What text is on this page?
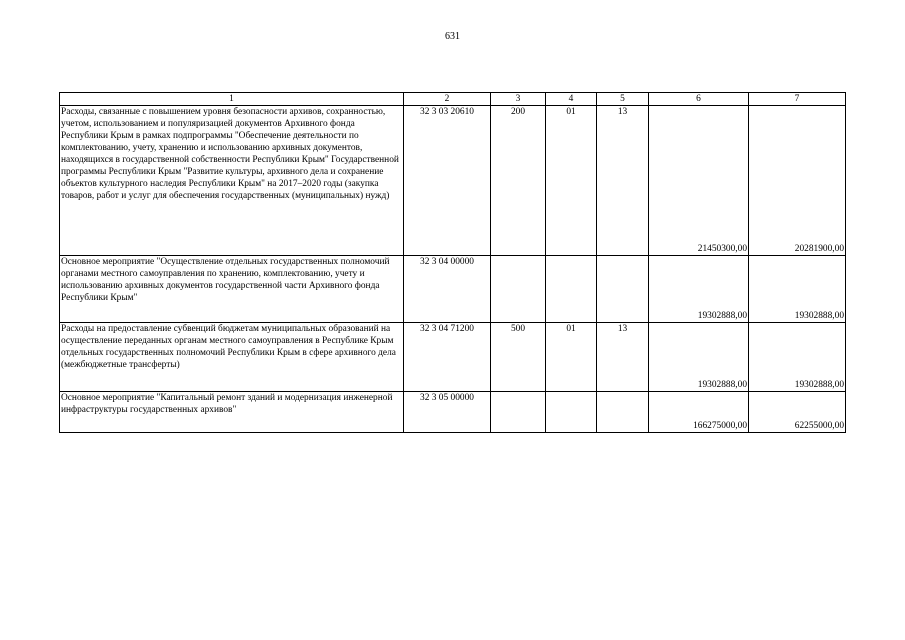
631
1	2	3	4	5	6	7
Расходы, связанные с повышением уровня безопасности архивов, сохранностью, учетом, использованием и популяризацией документов Архивного фонда Республики Крым в рамках подпрограммы "Обеспечение деятельности по комплектованию, учету, хранению и использованию архивных документов, находящихся в государственной собственности Республики Крым" Государственной программы Республики Крым "Развитие культуры, архивного дела и сохранение объектов культурного наследия Республики Крым" на 2017–2020 годы (закупка товаров, работ и услуг для обеспечения государственных (муниципальных) нужд)	32 3 03 20610	200	01	13	21450300,00	20281900,00
Основное мероприятие "Осуществление отдельных государственных полномочий органами местного самоуправления по хранению, комплектованию, учету и использованию архивных документов государственной части Архивного фонда Республики Крым"	32 3 04 00000				19302888,00	19302888,00
Расходы на предоставление субвенций бюджетам муниципальных образований на осуществление переданных органам местного самоуправления в Республике Крым отдельных государственных полномочий Республики Крым в сфере архивного дела (межбюджетные трансферты)	32 3 04 71200	500	01	13	19302888,00	19302888,00
Основное мероприятие "Капитальный ремонт зданий и модернизация инженерной инфраструктуры государственных архивов"	32 3 05 00000				166275000,00	62255000,00
